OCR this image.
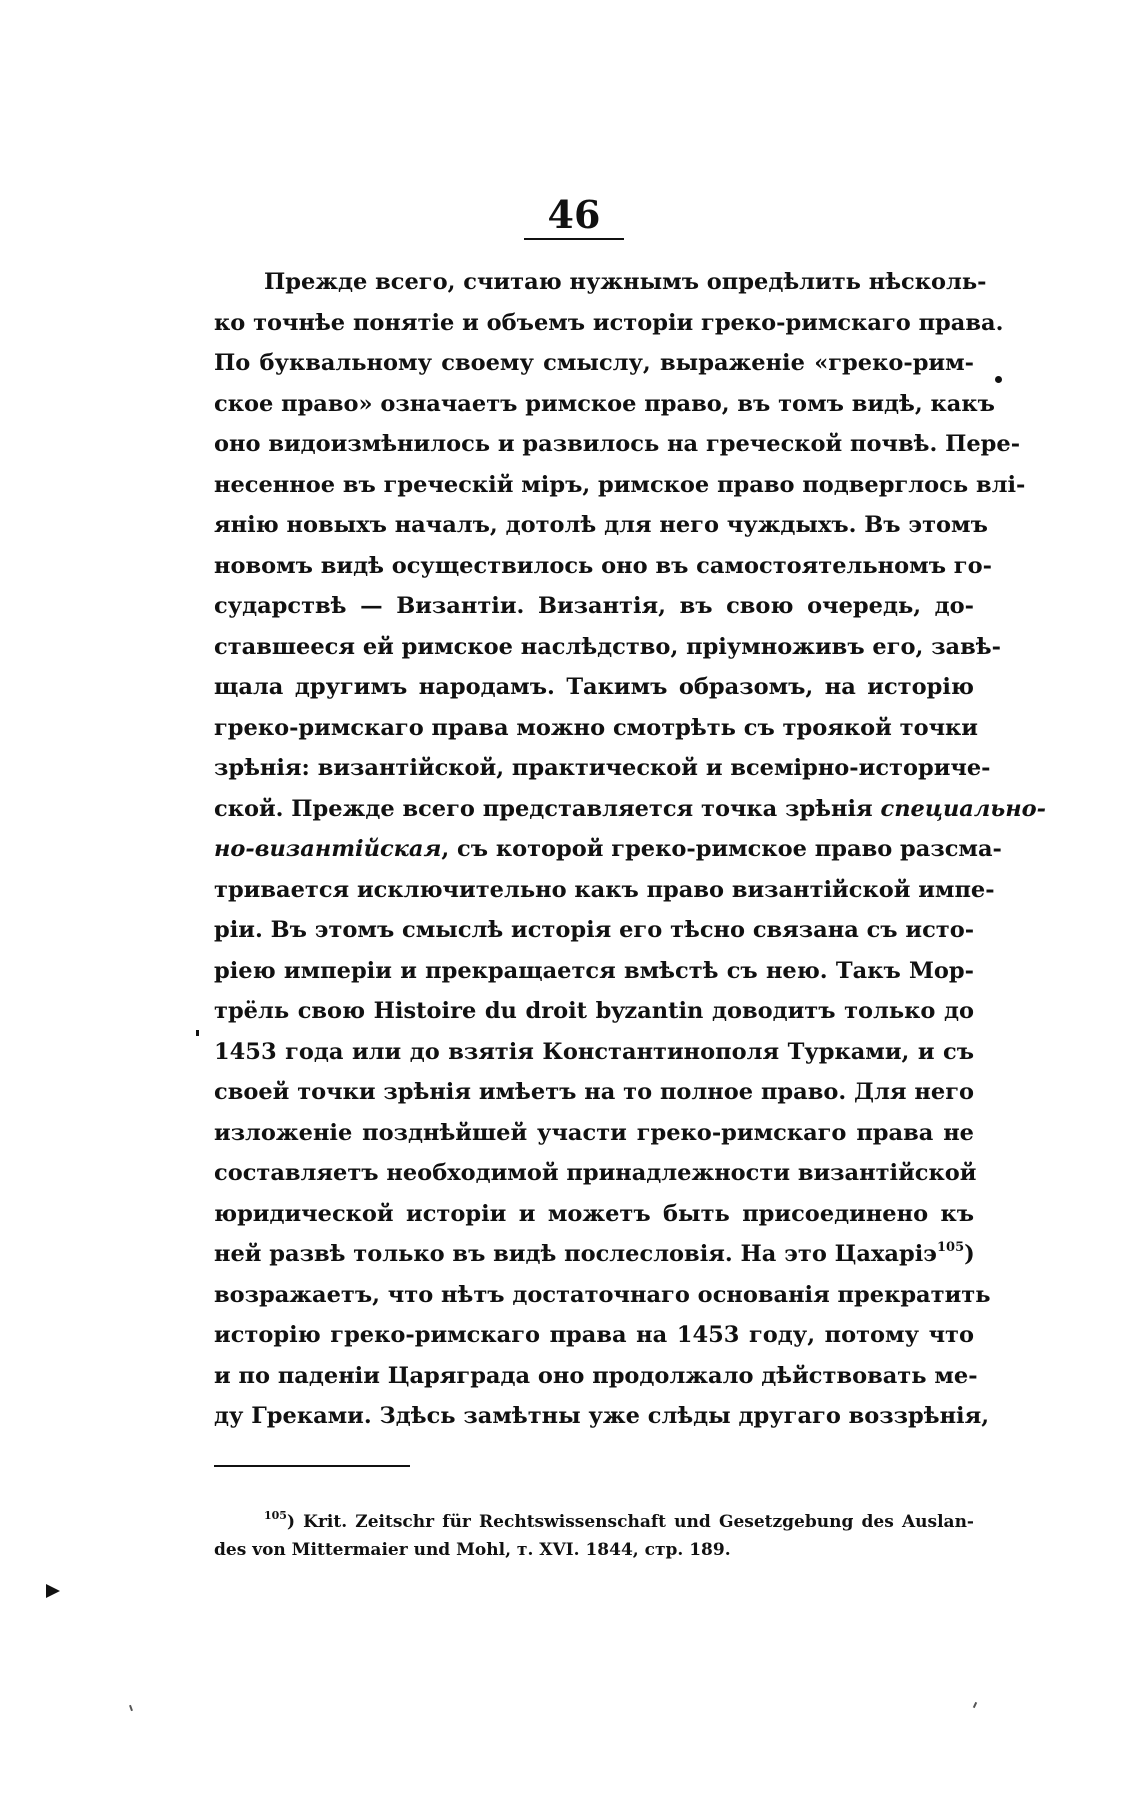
46
Прежде всего, считаю нужнымъ опредѣлить нѣсколь-
ко точнѣе понятіе и объемъ исторіи греко-римскаго права.
По буквальному своему смыслу, выраженіе «греко-рим-
ское право» означаетъ римское право, въ томъ видѣ, какъ
оно видоизмѣнилось и развилось на греческой почвѣ. Пере-
несенное въ греческій міръ, римское право подверглось влі-
янію новыхъ началъ, дотолѣ для него чуждыхъ. Въ этомъ
новомъ видѣ осуществилось оно въ самостоятельномъ го-
сударствѣ — Византіи. Византія, въ свою очередь, до-
ставшееся ей римское наслѣдство, пріумноживъ его, завѣ-
щала другимъ народамъ. Такимъ образомъ, на исторію
греко-римскаго права можно смотрѣть съ троякой точки
зрѣнія: византійской, практической и всемірно-историче-
ской. Прежде всего представляется точка зрѣнія специально-
но-византійская, съ которой греко-римское право разсма-
тривается исключительно какъ право византійской импе-
ріи. Въ этомъ смыслѣ исторія его тѣсно связана съ исто-
ріею имперіи и прекращается вмѣстѣ съ нею. Такъ Мор-
трёль свою Histoire du droit byzantin доводитъ только до
1453 года или до взятія Константинополя Турками, и съ
своей точки зрѣнія имѣетъ на то полное право. Для него
изложеніе позднѣйшей участи греко-римскаго права не
составляетъ необходимой принадлежности византійской
юридической исторіи и можетъ быть присоединено къ
ней развѣ только въ видѣ послесловія. На это Цахаріэ$^{105}$)
возражаетъ, что нѣтъ достаточнаго основанія прекратить
исторію греко-римскаго права на 1453 году, потому что
и по паденіи Царяграда оно продолжало дѣйствовать ме-
ду Греками. Здѣсь замѣтны уже слѣды другаго воззрѣнія,
$^{105}$) Krit. Zeitschr für Rechtswissenschaft und Gesetzgebung des Auslan-
des von Mittermaier und Mohl, т. XVI. 1844, стр. 189.
